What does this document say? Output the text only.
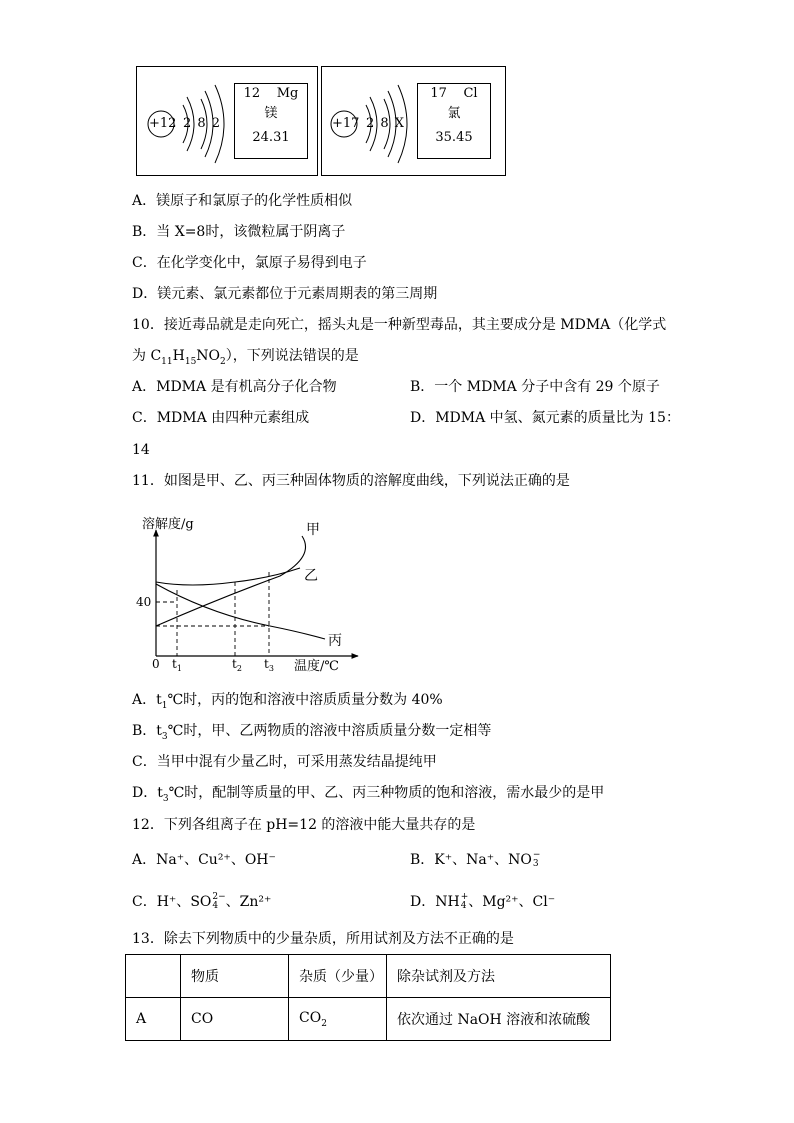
+12 2 8 2
12 Mg
镁
24.31
+17 2 8 X
17 Cl
氯
35.45
A．镁原子和氯原子的化学性质相似
B．当 X=8时，该微粒属于阴离子
C．在化学变化中，氯原子易得到电子
D．镁元素、氯元素都位于元素周期表的第三周期
10．接近毒品就是走向死亡，摇头丸是一种新型毒品，其主要成分是 MDMA（化学式
为 $C_{11}H_{15}NO_2$），下列说法错误的是
A．MDMA 是有机高分子化合物	B．一个 MDMA 分子中含有 29 个原子
C．MDMA 由四种元素组成	D．MDMA 中氢、氮元素的质量比为 15：
14
11．如图是甲、乙、丙三种固体物质的溶解度曲线，下列说法正确的是
溶解度/g
温度/℃
0
40
$t_1$	$t_2$ $t_3$
甲
乙
丙
A．$t_1℃$时，丙的饱和溶液中溶质质量分数为 40%
B．$t_3℃$时，甲、乙两物质的溶液中溶质质量分数一定相等
C．当甲中混有少量乙时，可采用蒸发结晶提纯甲
D．$t_3℃$时，配制等质量的甲、乙、丙三种物质的饱和溶液，需水最少的是甲
12．下列各组离子在 pH=12 的溶液中能大量共存的是
A．Na⁺、Cu²⁺、OH⁻	B．K⁺、Na⁺、NO −
3
C．H⁺、SO 2−
4 、Zn²⁺	D．NH +
4 、Mg²⁺、Cl⁻
13．除去下列物质中的少量杂质，所用试剂及方法不正确的是
	物质	杂质（少量）	除杂试剂及方法
A	CO	$CO_2$	依次通过 NaOH 溶液和浓硫酸
